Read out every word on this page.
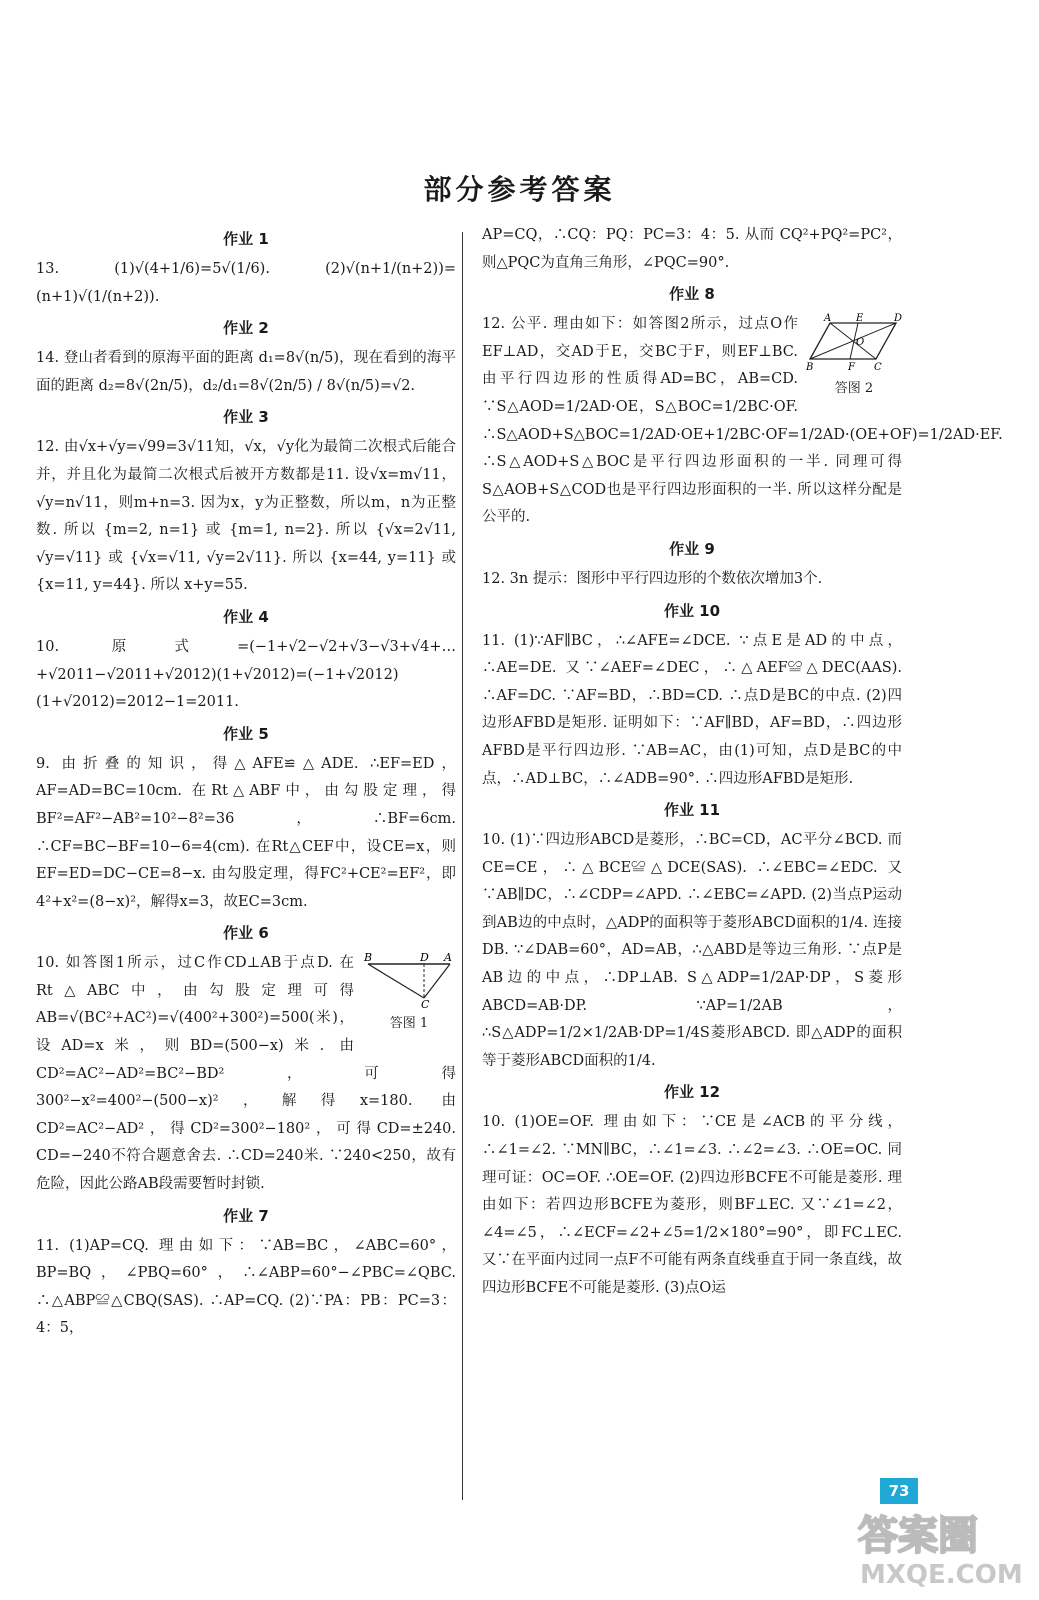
部分参考答案
作业 1
13. (1)√(4+1/6)=5√(1/6). (2)√(n+1/(n+2))=(n+1)√(1/(n+2)).
作业 2
14. 登山者看到的原海平面的距离 d₁=8√(n/5)，现在看到的海平面的距离 d₂=8√(2n/5)，d₂/d₁=8√(2n/5) / 8√(n/5)=√2.
作业 3
12. 由√x+√y=√99=3√11知，√x，√y化为最简二次根式后能合并，并且化为最简二次根式后被开方数都是11. 设√x=m√11，√y=n√11，则m+n=3. 因为x，y为正整数，所以m，n为正整数. 所以 {m=2, n=1} 或 {m=1, n=2}. 所以 {√x=2√11, √y=√11} 或 {√x=√11, √y=2√11}. 所以 {x=44, y=11} 或 {x=11, y=44}. 所以 x+y=55.
作业 4
10. 原式=(−1+√2−√2+√3−√3+√4+…+√2011−√2011+√2012)(1+√2012)=(−1+√2012)(1+√2012)=2012−1=2011.
作业 5
9. 由折叠的知识，得△AFE≌△ADE. ∴EF=ED，AF=AD=BC=10cm. 在Rt△ABF中，由勾股定理，得BF²=AF²−AB²=10²−8²=36，∴BF=6cm. ∴CF=BC−BF=10−6=4(cm). 在Rt△CEF中，设CE=x，则EF=ED=DC−CE=8−x. 由勾股定理，得FC²+CE²=EF²，即4²+x²=(8−x)²，解得x=3，故EC=3cm.
作业 6
B	D A
C
答图 1
10. 如答图1所示，过C作CD⊥AB于点D. 在Rt△ABC中，由勾股定理可得 AB=√(BC²+AC²)=√(400²+300²)=500(米)，设AD=x米，则BD=(500−x)米. 由CD²=AC²−AD²=BC²−BD²，可得300²−x²=400²−(500−x)²，解得x=180. 由CD²=AC²−AD²，得CD²=300²−180²，可得CD=±240. CD=−240不符合题意舍去. ∴CD=240米. ∵240<250，故有危险，因此公路AB段需要暂时封锁.
作业 7
11. (1)AP=CQ. 理由如下：∵AB=BC，∠ABC=60°，BP=BQ，∠PBQ=60°，∴∠ABP=60°−∠PBC=∠QBC. ∴△ABP≌△CBQ(SAS). ∴AP=CQ. (2)∵PA：PB：PC=3：4：5，
AP=CQ，∴CQ：PQ：PC=3：4：5. 从而 CQ²+PQ²=PC²，则△PQC为直角三角形，∠PQC=90°.
作业 8
A E	D
O
B	F C
答图 2
12. 公平. 理由如下：如答图2所示，过点O作EF⊥AD，交AD于E，交BC于F，则EF⊥BC. 由平行四边形的性质得AD=BC，AB=CD. ∵S△AOD=1/2AD·OE，S△BOC=1/2BC·OF. ∴S△AOD+S△BOC=1/2AD·OE+1/2BC·OF=1/2AD·(OE+OF)=1/2AD·EF. ∴S△AOD+S△BOC是平行四边形面积的一半. 同理可得S△AOB+S△COD也是平行四边形面积的一半. 所以这样分配是公平的.
作业 9
12. 3n 提示：图形中平行四边形的个数依次增加3个.
作业 10
11. (1)∵AF∥BC，∴∠AFE=∠DCE. ∵点E是AD的中点，∴AE=DE. 又∵∠AEF=∠DEC，∴△AEF≌△DEC(AAS). ∴AF=DC. ∵AF=BD，∴BD=CD. ∴点D是BC的中点. (2)四边形AFBD是矩形. 证明如下：∵AF∥BD，AF=BD，∴四边形AFBD是平行四边形. ∵AB=AC，由(1)可知，点D是BC的中点，∴AD⊥BC，∴∠ADB=90°. ∴四边形AFBD是矩形.
作业 11
10. (1)∵四边形ABCD是菱形，∴BC=CD，AC平分∠BCD. 而CE=CE，∴△BCE≌△DCE(SAS). ∴∠EBC=∠EDC. 又∵AB∥DC，∴∠CDP=∠APD. ∴∠EBC=∠APD. (2)当点P运动到AB边的中点时，△ADP的面积等于菱形ABCD面积的1/4. 连接DB. ∵∠DAB=60°，AD=AB，∴△ABD是等边三角形. ∵点P是AB边的中点，∴DP⊥AB. S△ADP=1/2AP·DP，S菱形ABCD=AB·DP. ∵AP=1/2AB，∴S△ADP=1/2×1/2AB·DP=1/4S菱形ABCD. 即△ADP的面积等于菱形ABCD面积的1/4.
作业 12
10. (1)OE=OF. 理由如下：∵CE是∠ACB的平分线，∴∠1=∠2. ∵MN∥BC，∴∠1=∠3. ∴∠2=∠3. ∴OE=OC. 同理可证：OC=OF. ∴OE=OF. (2)四边形BCFE不可能是菱形. 理由如下：若四边形BCFE为菱形，则BF⊥EC. 又∵∠1=∠2，∠4=∠5，∴∠ECF=∠2+∠5=1/2×180°=90°，即FC⊥EC. 又∵在平面内过同一点F不可能有两条直线垂直于同一条直线，故四边形BCFE不可能是菱形. (3)点O运
73
答案圈
MXQE.COM
